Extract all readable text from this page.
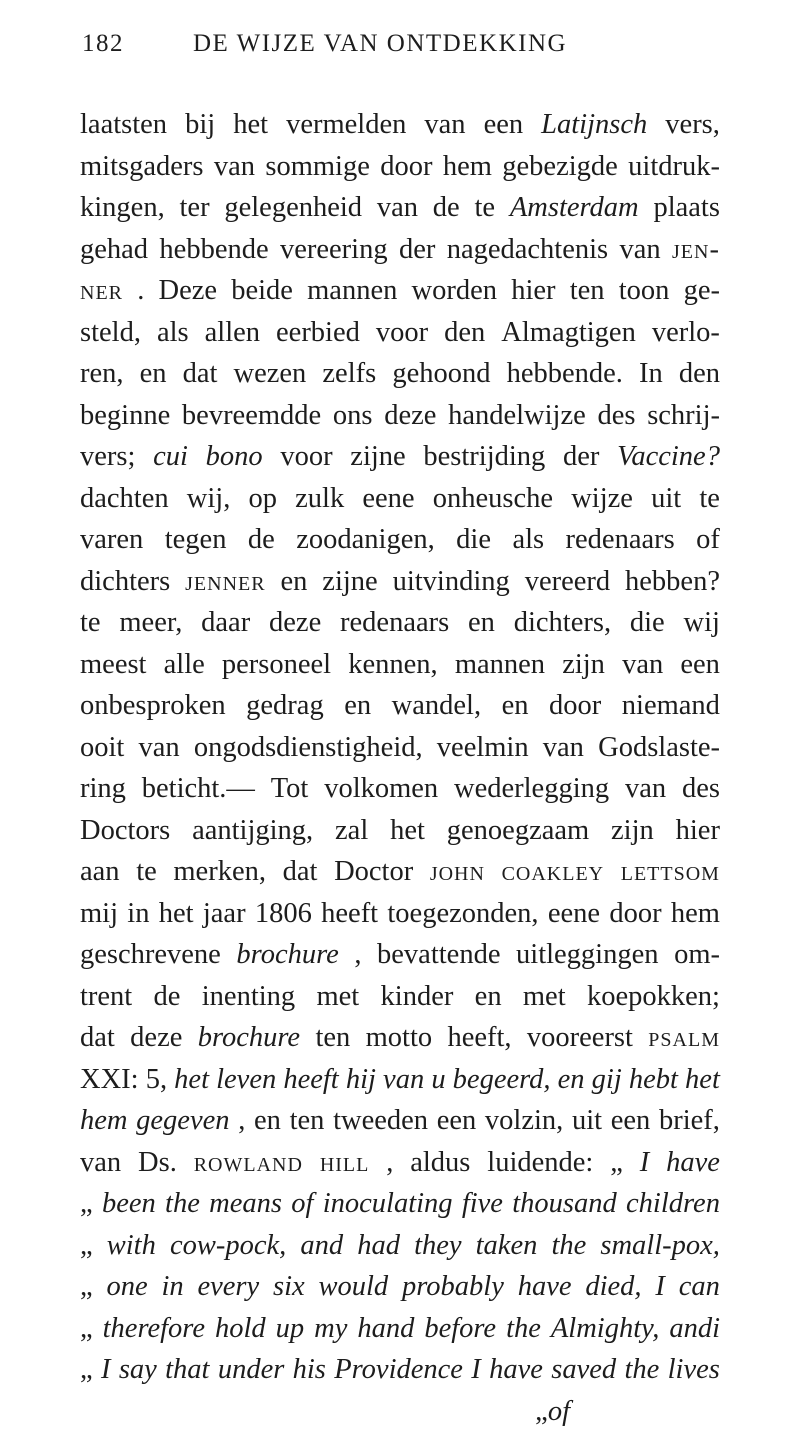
182	DE WIJZE VAN ONTDEKKING
laatsten bij het vermelden van een Latijnsch vers,
mitsgaders van sommige door hem gebezigde uitdruk-
kingen, ter gelegenheid van de te Amsterdam plaats
gehad hebbende vereering der nagedachtenis van jen-
ner . Deze beide mannen worden hier ten toon ge-
steld, als allen eerbied voor den Almagtigen verlo-
ren, en dat wezen zelfs gehoond hebbende. In den
beginne bevreemdde ons deze handelwijze des schrij-
vers; cui bono voor zijne bestrijding der Vaccine?
dachten wij, op zulk eene onheusche wijze uit te
varen tegen de zoodanigen, die als redenaars of
dichters jenner en zijne uitvinding vereerd hebben?
te meer, daar deze redenaars en dichters, die wij
meest alle personeel kennen, mannen zijn van een
onbesproken gedrag en wandel, en door niemand
ooit van ongodsdienstigheid, veelmin van Godslaste-
ring beticht.— Tot volkomen wederlegging van des
Doctors aantijging, zal het genoegzaam zijn hier
aan te merken, dat Doctor john coakley lettsom
mij in het jaar 1806 heeft toegezonden, eene door hem
geschrevene brochure , bevattende uitleggingen om-
trent de inenting met kinder en met koepokken;
dat deze brochure ten motto heeft, vooreerst psalm
XXI: 5, het leven heeft hij van u begeerd, en gij hebt het
hem gegeven , en ten tweeden een volzin, uit een brief,
van Ds. rowland hill , aldus luidende: „ I have
„ been the means of inoculating five thousand children
„ with cow-pock, and had they taken the small-pox,
„ one in every six would probably have died, I can
„ therefore hold up my hand before the Almighty, andi
„ I say that under his Providence I have saved the lives
„ of
